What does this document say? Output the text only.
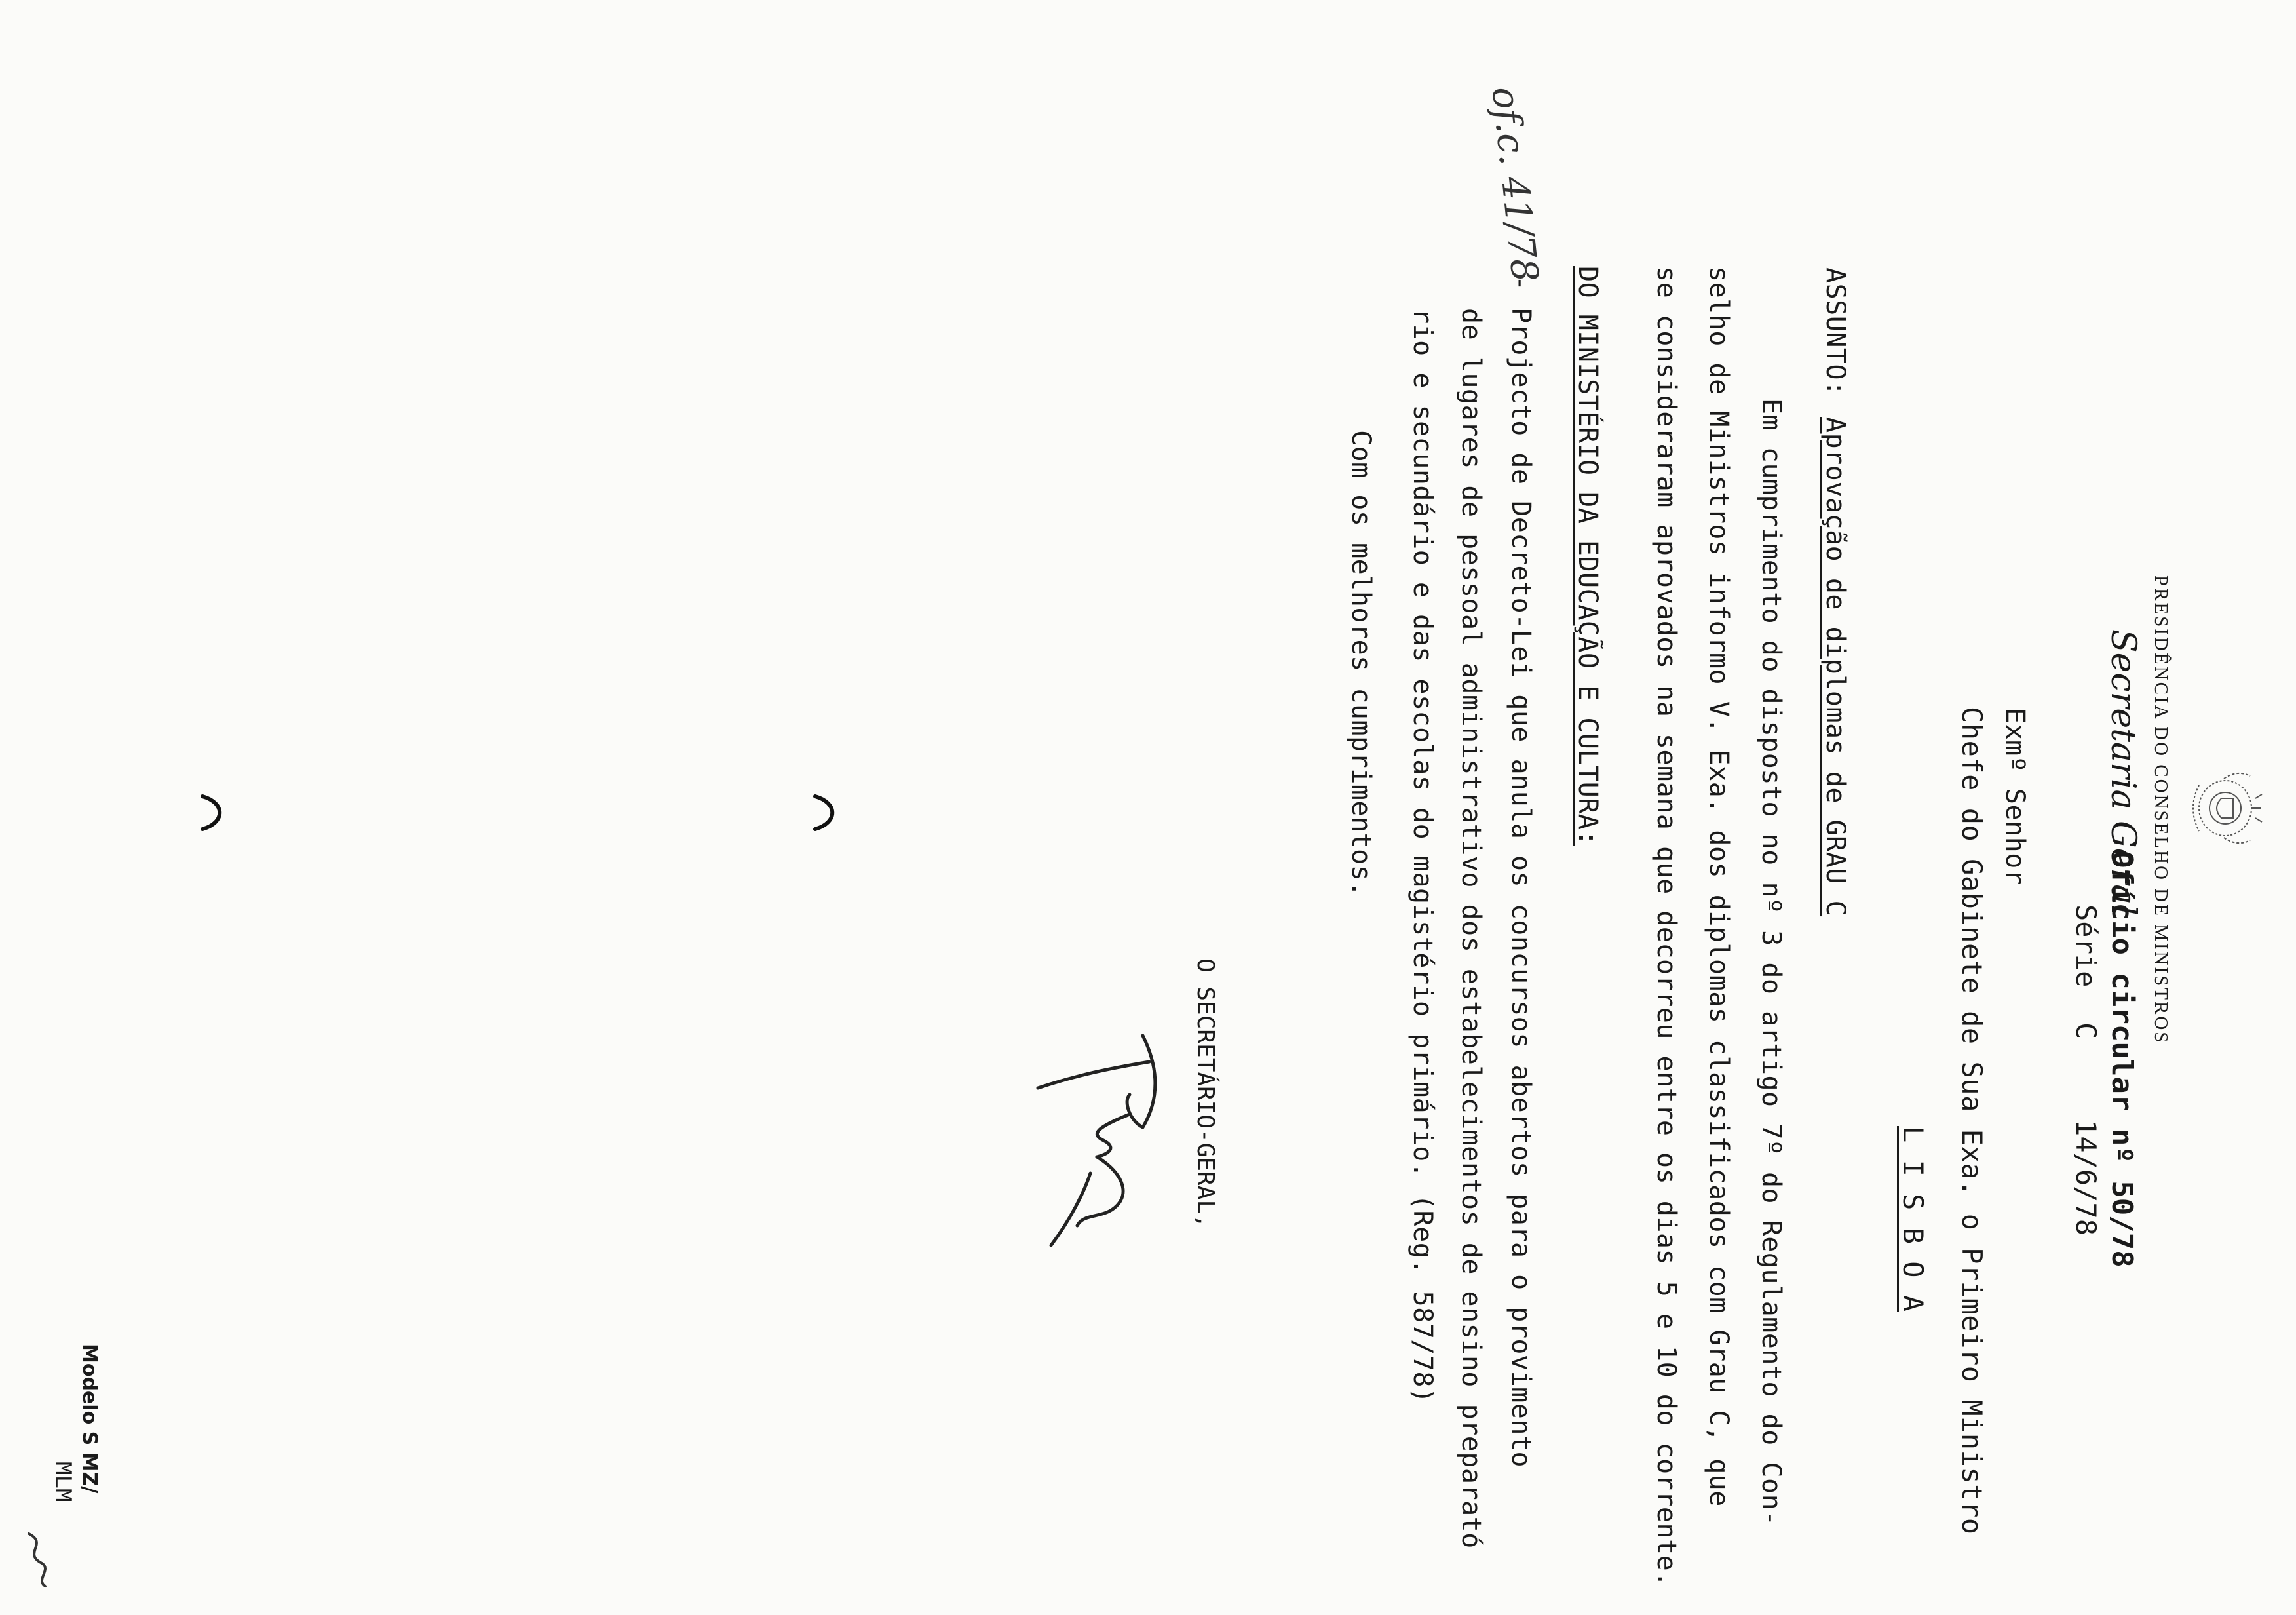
PRESIDÊNCIA DO CONSELHO DE MINISTROS
Secretaria Geral
Ofício circular nº 50/78
Série
C
14/6/78
Exmº Senhor
Chefe do Gabinete de Sua Exa. o Primeiro Ministro
L I S B O A
ASSUNTO:
Aprovação de diplomas de GRAU C
Em cumprimento do disposto no nº 3 do artigo 7º do Regulamento do Con-
selho de Ministros informo V. Exa. dos diplomas classificados com Grau C, que
se consideraram aprovados na semana que decorreu entre os dias 5 e 10 do corrente.
DO MINISTÉRIO DA EDUCAÇÃO E CULTURA:
of.c. 41/78
- Projecto de Decreto-Lei que anula os concursos abertos para o provimento
de lugares de pessoal administrativo dos estabelecimentos de ensino preparató
rio e secundário e das escolas do magistério primário. (Reg. 587/78)
Com os melhores cumprimentos.
O SECRETÁRIO-GERAL,
Modelo S MZ/
MLM
